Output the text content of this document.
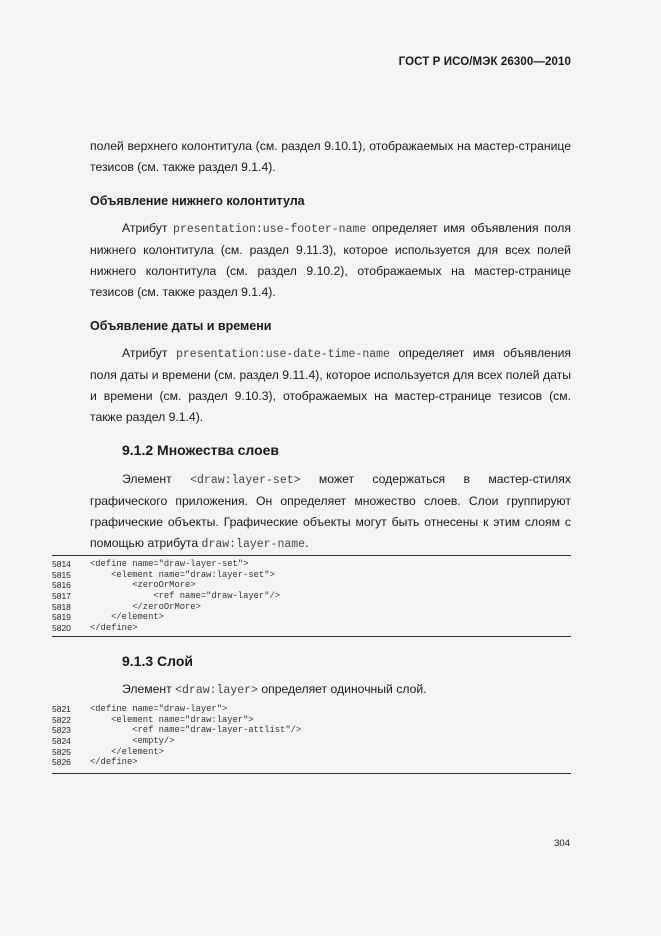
ГОСТ Р ИСО/МЭК 26300—2010

полей верхнего колонтитула (см. раздел 9.10.1), отображаемых на мастер-странице тезисов (см. также раздел 9.1.4).

Объявление нижнего колонтитула

Атрибут presentation:use-footer-name определяет имя объявления поля нижнего колонтитула (см. раздел 9.11.3), которое используется для всех полей нижнего колонтитула (см. раздел 9.10.2), отображаемых на мастер-странице тезисов (см. также раздел 9.1.4).

Объявление даты и времени

Атрибут presentation:use-date-time-name определяет имя объявления поля даты и времени (см. раздел 9.11.4), которое используется для всех полей даты и времени (см. раздел 9.10.3), отображаемых на мастер-странице тезисов (см. также раздел 9.1.4).

9.1.2 Множества слоев

Элемент <draw:layer-set> может содержаться в мастер-стилях графического приложения. Он определяет множество слоев. Слои группируют графические объекты. Графические объекты могут быть отнесены к этим слоям с помощью атрибута draw:layer-name.

5814	<define name="draw-layer-set">
5815	<element name="draw:layer-set">
5816	<zeroOrMore>
5817	<ref name="draw-layer"/>
5818	</zeroOrMore>
5819	</element>
5820	</define>
9.1.3 Слой

Элемент <draw:layer> определяет одиночный слой.

5821	<define name="draw-layer">
5822	<element name="draw:layer">
5823	<ref name="draw-layer-attlist"/>
5824	<empty/>
5825	</element>
5826	</define>
304
